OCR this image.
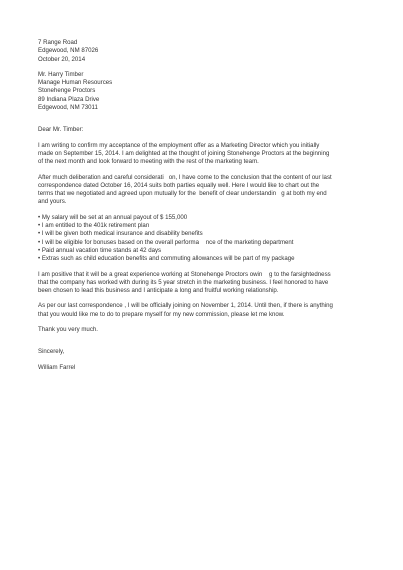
7 Range Road
Edgewood, NM 87026
October 20, 2014
Mr. Harry Timber
Manage Human Resources
Stonehenge Proctors
89 Indiana Plaza Drive
Edgewood, NM 73011
Dear Mr. Timber:
I am writing to confirm my acceptance of the employment offer as a Marketing Director which you initially
made on September 15, 2014. I am delighted at the thought of joining Stonehenge Proctors at the beginning
of the next month and look forward to meeting with the rest of the marketing team.
After much deliberation and careful considerati   on, I have come to the conclusion that the content of our last
correspondence dated October 16, 2014 suits both parties equally well. Here I would like to chart out the
terms that we negotiated and agreed upon mutually for the  benefit of clear understandin   g at both my end
and yours.
• My salary will be set at an annual payout of $ 155,000
• I am entitled to the 401k retirement plan
• I will be given both medical insurance and disability benefits
• I will be eligible for bonuses based on the overall performa    nce of the marketing department
• Paid annual vacation time stands at 42 days
• Extras such as child education benefits and commuting allowances will be part of my package
I am positive that it will be a great experience working at Stonehenge Proctors owin    g to the farsightedness
that the company has worked with during its 5 year stretch in the marketing business. I feel honored to have
been chosen to lead this business and I anticipate a long and fruitful working relationship.
As per our last correspondence , I will be officially joining on November 1, 2014. Until then, if there is anything
that you would like me to do to prepare myself for my new commission, please let me know.
Thank you very much.
Sincerely,
William Farrel
